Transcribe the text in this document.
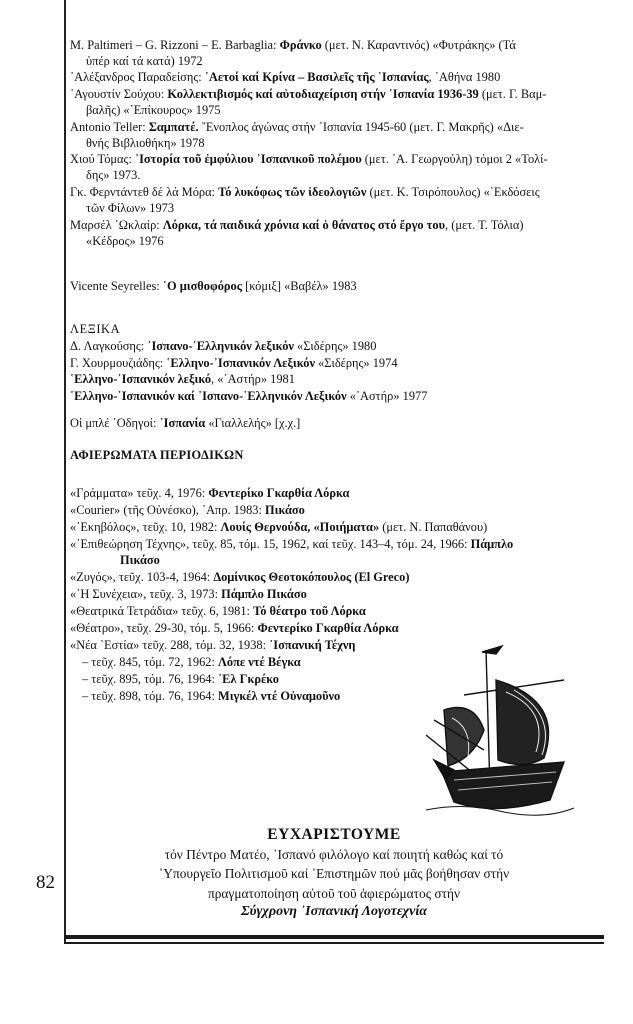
82
M. Paltimeri – G. Rizzoni – E. Barbaglia: Φράνκο (μετ. Ν. Καραντινός) «Φυτράκης» (Τά
ὑπέρ καί τά κατά) 1972
᾿Αλέξανδρος Παραδείσης: ᾿Αετοί καί Κρίνα – Βασιλεῖς τῆς ᾿Ισπανίας, ᾿Αθήνα 1980
᾿Αγουστίν Σούχου: Κολλεκτιβισμός καί αὐτοδιαχείριση στήν ᾿Ισπανία 1936-39 (μετ. Γ. Βαμ-
βαλῆς) «᾿Επίκουρος» 1975
Antonio Teller: Σαμπατέ. ῎Ενοπλος ἀγώνας στήν ᾿Ισπανία 1945-60 (μετ. Γ. Μακρῆς) «Διε-
θνής Βιβλιοθήκη» 1978
Χιού Τόμας: ᾿Ιστορία τοῦ ἐμφύλιου ᾿Ισπανικοῦ πολέμου (μετ. ᾿Α. Γεωργούλη) τόμοι 2 «Τολί-
δης» 1973.
Γκ. Φερντάντεθ δέ λά Μόρα: Τό λυκόφως τῶν ἰδεολογιῶν (μετ. Κ. Τσιρόπουλος) «᾿Εκδόσεις
τῶν Φίλων» 1973
Μαρσέλ ᾿Ωκλαίρ: Λόρκα, τά παιδικά χρόνια καί ὁ θάνατος στό ἔργο του, (μετ. Τ. Τόλια)
«Κέδρος» 1976
Vicente Seyrelles: ῾Ο μισθοφόρος [κόμιξ] «Βαβέλ» 1983
ΛΕΞΙΚΑ
Δ. Λαγκούσης: ᾿Ισπανο-῾Ελληνικόν λεξικόν «Σιδέρης» 1980
Γ. Χουρμουζιάδης: ῾Ελληνο-᾿Ισπανικόν Λεξικόν «Σιδέρης» 1974
῾Ελληνο-᾿Ισπανικόν λεξικό, «᾿Αστήρ» 1981
῾Ελληνο-᾿Ισπανικόν καί ᾿Ισπανο-῾Ελληνικόν Λεξικόν «᾿Αστήρ» 1977
Οἱ μπλέ ῾Οδηγοί: ᾿Ισπανία «Γιαλλελής» [χ.χ.]
ΑΦΙΕΡΩΜΑΤΑ ΠΕΡΙΟΔΙΚΩΝ
«Γράμματα» τεῦχ. 4, 1976: Φεντερίκο Γκαρθία Λόρκα
«Courier» (τῆς Οὐνέσκο), ᾿Απρ. 1983: Πικάσο
«᾿Εκηβόλος», τεῦχ. 10, 1982: Λουίς Θερνούδα, «Ποιήματα» (μετ. Ν. Παπαθάνου)
«᾿Επιθεώρηση Τέχνης», τεῦχ. 85, τόμ. 15, 1962, καί τεῦχ. 143–4, τόμ. 24, 1966: Πάμπλο
Πικάσο
«Ζυγός», τεῦχ. 103-4, 1964: Δομίνικος Θεοτοκόπουλος (El Greco)
«῾Η Συνέχεια», τεῦχ. 3, 1973: Πάμπλο Πικάσο
«Θεατρικά Τετράδια» τεῦχ. 6, 1981: Τό θέατρο τοῦ Λόρκα
«Θέατρο», τεῦχ. 29-30, τόμ. 5, 1966: Φεντερίκο Γκαρθία Λόρκα
«Νέα ᾿Εστία» τεῦχ. 288, τόμ. 32, 1938: ᾿Ισπανική Τέχνη
– τεῦχ. 845, τόμ. 72, 1962: Λόπε ντέ Βέγκα
– τεῦχ. 895, τόμ. 76, 1964: ᾿Ελ Γκρέκο
– τεῦχ. 898, τόμ. 76, 1964: Μιγκέλ ντέ Οὐναμοῦνο
ΕΥΧΑΡΙΣΤΟΥΜΕ
τόν Πέντρο Ματέο, ᾿Ισπανό φιλόλογο καί ποιητή καθώς καί τό
῾Υπουργεῖο Πολιτισμοῦ καί ᾿Επιστημῶν πού μᾶς βοήθησαν στήν
πραγματοποίηση αὐτοῦ τοῦ ἀφιερώματος στήν
Σύγχρονη ᾿Ισπανική Λογοτεχνία
